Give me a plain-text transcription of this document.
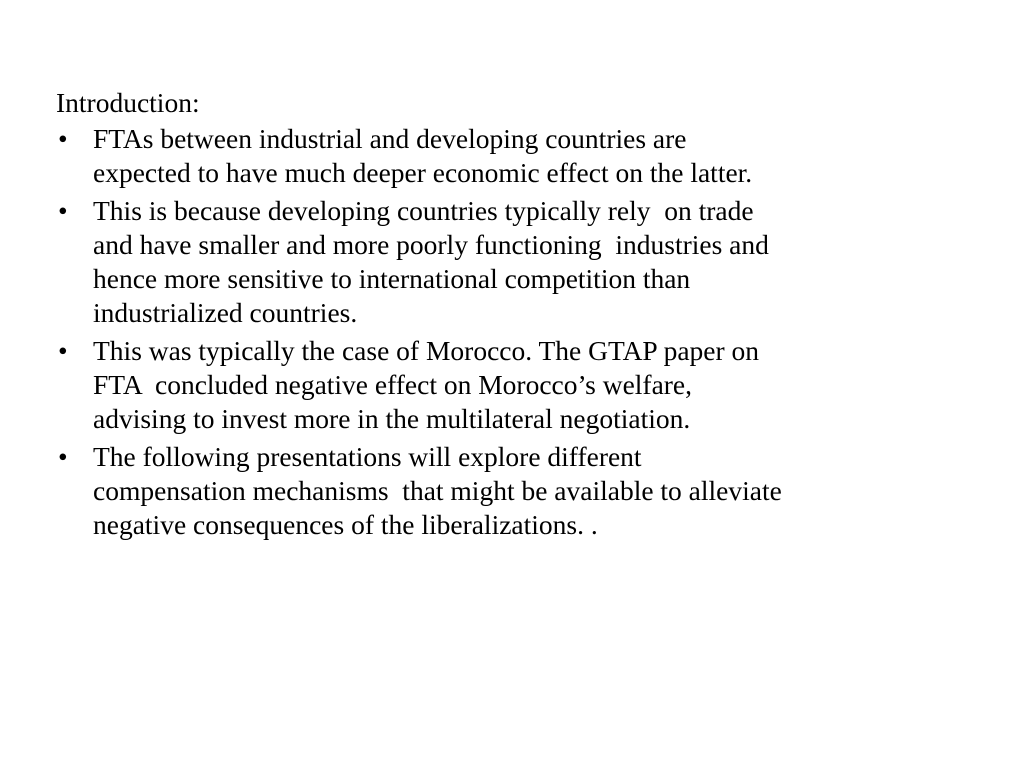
Introduction:
• FTAs between industrial and developing countries are
expected to have much deeper economic effect on the latter.
• This is because developing countries typically rely  on trade
and have smaller and more poorly functioning  industries and
hence more sensitive to international competition than
industrialized countries.
• This was typically the case of Morocco. The GTAP paper on
FTA  concluded negative effect on Morocco’s welfare,
advising to invest more in the multilateral negotiation.
• The following presentations will explore different
compensation mechanisms  that might be available to alleviate
negative consequences of the liberalizations. .
